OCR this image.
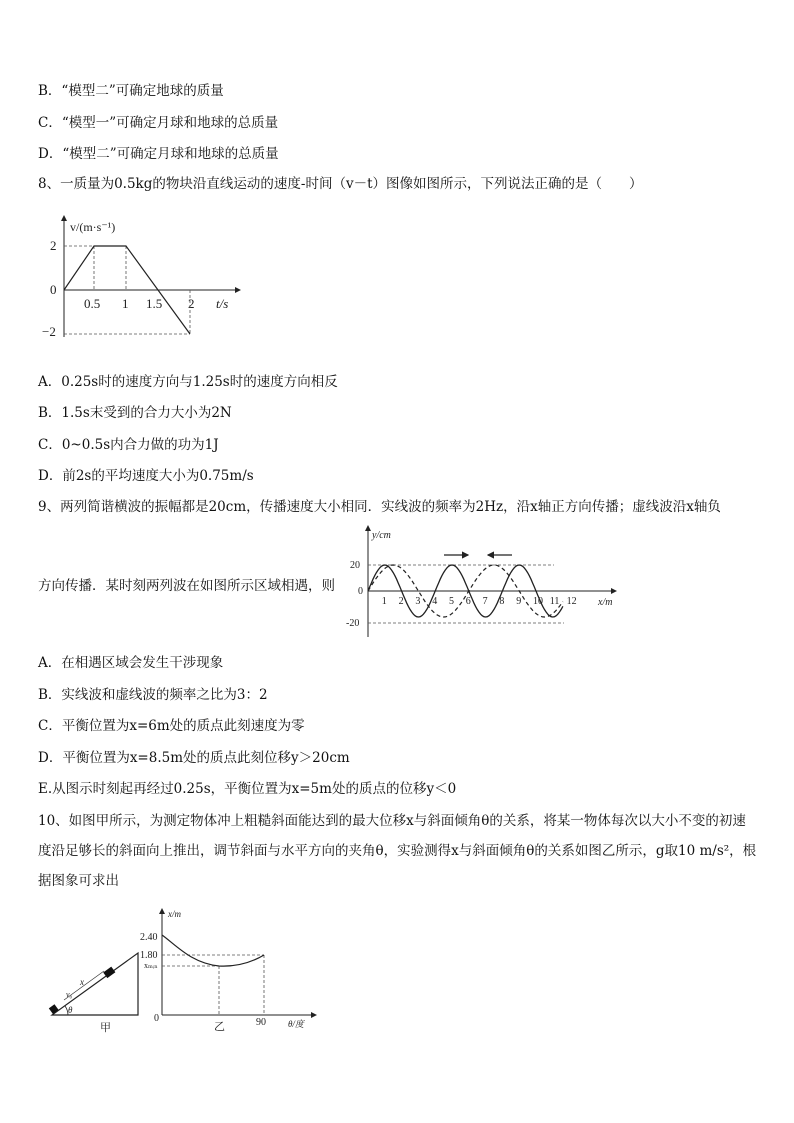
B．“模型二”可确定地球的质量
C．“模型一”可确定月球和地球的总质量
D．“模型二”可确定月球和地球的总质量
8、一质量为0.5kg的物块沿直线运动的速度-时间（v－t）图像如图所示，下列说法正确的是（　　）
v/(m·s⁻¹)
t/s
2
0
−2
0.5 1 1.5 2
A．0.25s时的速度方向与1.25s时的速度方向相反
B．1.5s末受到的合力大小为2N
C．0~0.5s内合力做的功为1J
D．前2s的平均速度大小为0.75m/s
9、两列简谐横波的振幅都是20cm，传播速度大小相同．实线波的频率为2Hz，沿x轴正方向传播；虚线波沿x轴负
方向传播．某时刻两列波在如图所示区域相遇，则
y/cm
x/m
20
0
-20
1 2 3 4 5 6 7 8 9 10 11 12
A．在相遇区域会发生干涉现象
B．实线波和虚线波的频率之比为3：2
C．平衡位置为x=6m处的质点此刻速度为零
D．平衡位置为x=8.5m处的质点此刻位移y＞20cm
E.从图示时刻起再经过0.25s，平衡位置为x=5m处的质点的位移y＜0
10、如图甲所示，为测定物体冲上粗糙斜面能达到的最大位移x与斜面倾角θ的关系，将某一物体每次以大小不变的初速度沿足够长的斜面向上推出，调节斜面与水平方向的夹角θ，实验测得x与斜面倾角θ的关系如图乙所示，g取10 m/s²，根据图象可求出
x
v₀
θ
甲
x/m
θ/度
2.40
1.80
xₘᵢₙ
0	90
乙
